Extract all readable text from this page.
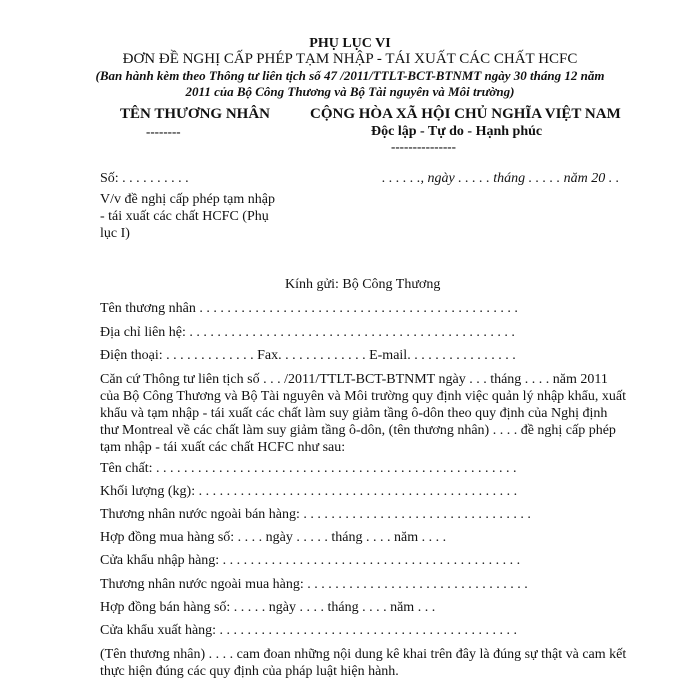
PHỤ LỤC VI
ĐƠN ĐỀ NGHỊ CẤP PHÉP TẠM NHẬP - TÁI XUẤT CÁC CHẤT HCFC
(Ban hành kèm theo Thông tư liên tịch số 47 /2011/TTLT-BCT-BTNMT ngày 30 tháng 12 năm
2011 của Bộ Công Thương và Bộ Tài nguyên và Môi trường)
TÊN THƯƠNG NHÂN
--------
CỘNG HÒA XÃ HỘI CHỦ NGHĨA VIỆT NAM
Độc lập - Tự do - Hạnh phúc
---------------
Số: . . . . . . . . . .	. . . . . ., ngày . . . . . tháng . . . . . năm 20 . .
V/v đề nghị cấp phép tạm nhập
- tái xuất các chất HCFC (Phụ
lục I)
Kính gửi: Bộ Công Thương
Tên thương nhân . . . . . . . . . . . . . . . . . . . . . . . . . . . . . . . . . . . . . . . . . . . . . .
Địa chỉ liên hệ: . . . . . . . . . . . . . . . . . . . . . . . . . . . . . . . . . . . . . . . . . . . . . . .
Điện thoại: . . . . . . . . . . . . . Fax. . . . . . . . . . . . . E-mail. . . . . . . . . . . . . . . .
Căn cứ Thông tư liên tịch số . . . /2011/TTLT-BCT-BTNMT ngày . . . tháng . . . . năm 2011
của Bộ Công Thương và Bộ Tài nguyên và Môi trường quy định việc quản lý nhập khẩu, xuất
khẩu và tạm nhập - tái xuất các chất làm suy giảm tầng ô-dôn theo quy định của Nghị định
thư Montreal về các chất làm suy giảm tầng ô-dôn, (tên thương nhân) . . . . đề nghị cấp phép
tạm nhập - tái xuất các chất HCFC như sau:
Tên chất: . . . . . . . . . . . . . . . . . . . . . . . . . . . . . . . . . . . . . . . . . . . . . . . . . . . .
Khối lượng (kg): . . . . . . . . . . . . . . . . . . . . . . . . . . . . . . . . . . . . . . . . . . . . . .
Thương nhân nước ngoài bán hàng: . . . . . . . . . . . . . . . . . . . . . . . . . . . . . . . . .
Hợp đồng mua hàng số: . . . . ngày . . . . . tháng . . . . năm . . . .
Cửa khẩu nhập hàng: . . . . . . . . . . . . . . . . . . . . . . . . . . . . . . . . . . . . . . . . . . .
Thương nhân nước ngoài mua hàng: . . . . . . . . . . . . . . . . . . . . . . . . . . . . . . . .
Hợp đồng bán hàng số: . . . . . ngày . . . . tháng . . . . năm . . .
Cửa khẩu xuất hàng: . . . . . . . . . . . . . . . . . . . . . . . . . . . . . . . . . . . . . . . . . . .
(Tên thương nhân) . . . . cam đoan những nội dung kê khai trên đây là đúng sự thật và cam kết
thực hiện đúng các quy định của pháp luật hiện hành.
